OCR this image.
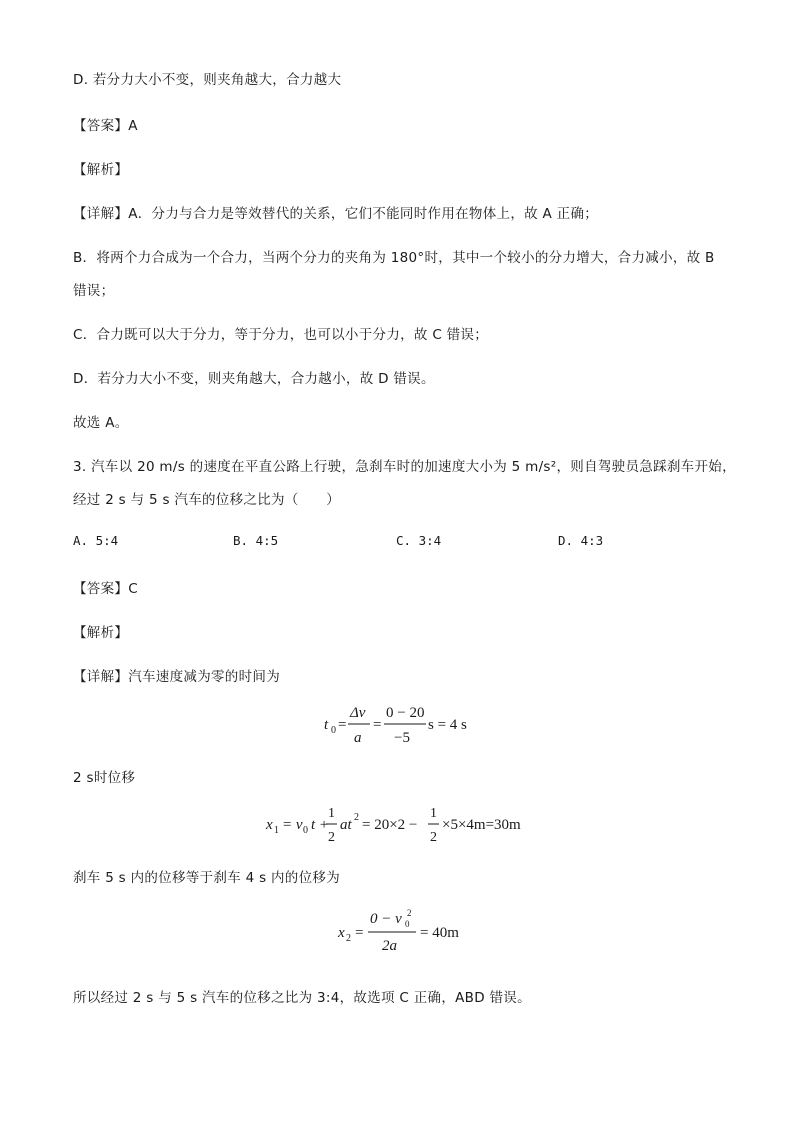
D. 若分力大小不变，则夹角越大，合力越大
【答案】A
【解析】
【详解】A．分力与合力是等效替代的关系，它们不能同时作用在物体上，故 A 正确；
B．将两个力合成为一个合力，当两个分力的夹角为 180°时，其中一个较小的分力增大，合力减小，故 B
错误；
C．合力既可以大于分力，等于分力，也可以小于分力，故 C 错误；
D．若分力大小不变，则夹角越大，合力越小，故 D 错误。
故选 A。
3. 汽车以 20 m/s 的速度在平直公路上行驶，急刹车时的加速度大小为 5 m/s²，则自驾驶员急踩刹车开始，
经过 2 s 与 5 s 汽车的位移之比为（　　）
A. 5:4	B. 4:5	C. 3:4	D. 4:3
【答案】C
【解析】
【详解】汽车速度减为零的时间为
t 0 =
Δv
a
=
0 − 20
−5
s = 4 s
2 s时位移
x 1 = v 0 t +
1
2
at 2 = 20×2 −
1
2
×5×4m=30m
刹车 5 s 内的位移等于刹车 4 s 内的位移为
x 2 =
0 − v 0
2
2a
= 40m
所以经过 2 s 与 5 s 汽车的位移之比为 3:4，故选项 C 正确，ABD 错误。
